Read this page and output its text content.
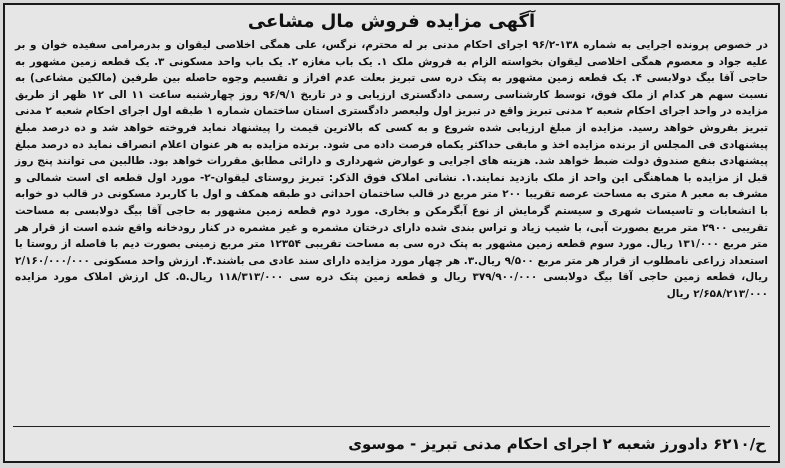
آگهی مزایده فروش مال مشاعی

در خصوص پرونده اجرایی به شماره ۱۳۸-۹۶/۲ اجرای احکام مدنی بر له محترم، نرگس، علی همگی اخلاصی لیقوان و بدرمرامی سفیده خوان و بر علیه جواد و معصوم همگی اخلاصی لیقوان بخواسته الزام به فروش ملک ۱. یک باب مغازه ۲. یک باب واحد مسکونی ۳. یک قطعه زمین مشهور به حاجی آقا بیگ دولابسی ۴. یک قطعه زمین مشهور به پتک دره سی تبریز بعلت عدم افراز و تقسیم وجوه حاصله بین طرفین (مالکین مشاعی) به نسبت سهم هر کدام از ملک فوق، توسط کارشناسی رسمی دادگستری ارزیابی و در تاریخ ۹۶/۹/۱ روز چهارشنبه ساعت ۱۱ الی ۱۲ ظهر از طریق مزایده در واحد اجرای احکام شعبه ۲ مدنی تبریز واقع در تبریز اول ولیعصر دادگستری استان ساختمان شماره ۱ طبقه اول اجرای احکام شعبه ۲ مدنی تبریز بفروش خواهد رسید. مزایده از مبلغ ارزیابی شده شروع و به کسی که بالاترین قیمت را پیشنهاد نماید فروخته خواهد شد و ده درصد مبلغ پیشنهادی فی المجلس از برنده مزایده اخذ و مابقی حداکثر یکماه فرصت داده می شود. برنده مزایده به هر عنوان اعلام انصراف نماید ده درصد مبلغ پیشنهادی بنفع صندوق دولت ضبط خواهد شد. هزینه های اجرایی و عوارض شهرداری و دارائی مطابق مقررات خواهد بود. طالبین می توانند پنج روز قبل از مزایده با هماهنگی این واحد از ملک بازدید نمایند.۱. نشانی املاک فوق الذکر: تبریز روستای لیقوان-۲- مورد اول قطعه ای است شمالی و مشرف به معبر ۸ متری به مساحت عرصه تقریبا ۲۰۰ متر مربع در قالب ساختمان احداثی دو طبقه همکف و اول با کاربرد مسکونی در قالب دو خوابه با انشعابات و تاسیسات شهری و سیستم گرمایش از نوع آبگرمکن و بخاری. مورد دوم قطعه زمین مشهور به حاجی آقا بیگ دولابسی به مساحت تقریبی ۲۹۰۰ متر مربع بصورت آبی، با شیب زیاد و تراس بندی شده دارای درختان مشمره و غیر مشمره در کنار رودخانه واقع شده است از قرار هر متر مربع ۱۳۱/۰۰۰ ریال. مورد سوم قطعه زمین مشهور به پتک دره سی به مساحت تقریبی ۱۲۳۵۴ متر مربع زمینی بصورت دیم با فاصله از روستا با استعداد زراعی نامطلوب از قرار هر متر مربع ۹/۵۰۰ ریال.۳. هر چهار مورد مزایده دارای سند عادی می باشند.۴. ارزش واحد مسکونی ۲/۱۶۰/۰۰۰/۰۰۰ ریال، قطعه زمین حاجی آقا بیگ دولابسی ۳۷۹/۹۰۰/۰۰۰ ریال و قطعه زمین پتک دره سی ۱۱۸/۳۱۳/۰۰۰ ریال.۵. کل ارزش املاک مورد مزایده ۲/۶۵۸/۲۱۳/۰۰۰ ریال

ح/۶۲۱۰ دادورز شعبه ۲ اجرای احکام مدنی تبریز - موسوی
